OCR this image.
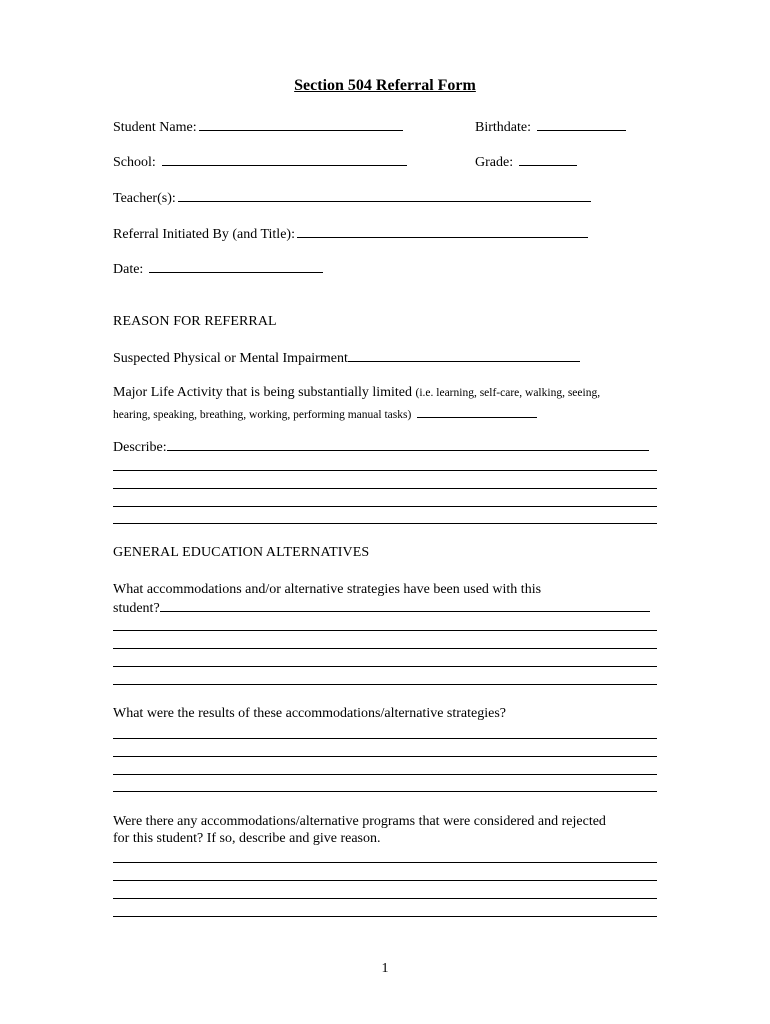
Section 504 Referral Form
Student Name:	Birthdate:
School:	Grade:
Teacher(s):
Referral Initiated By (and Title):
Date:
REASON FOR REFERRAL
Suspected Physical or Mental Impairment
Major Life Activity that is being substantially limited (i.e. learning, self-care, walking, seeing,
hearing, speaking, breathing, working, performing manual tasks)
Describe:
GENERAL EDUCATION ALTERNATIVES
What accommodations and/or alternative strategies have been used with this
student?
What were the results of these accommodations/alternative strategies?
Were there any accommodations/alternative programs that were considered and rejected
for this student? If so, describe and give reason.
1
